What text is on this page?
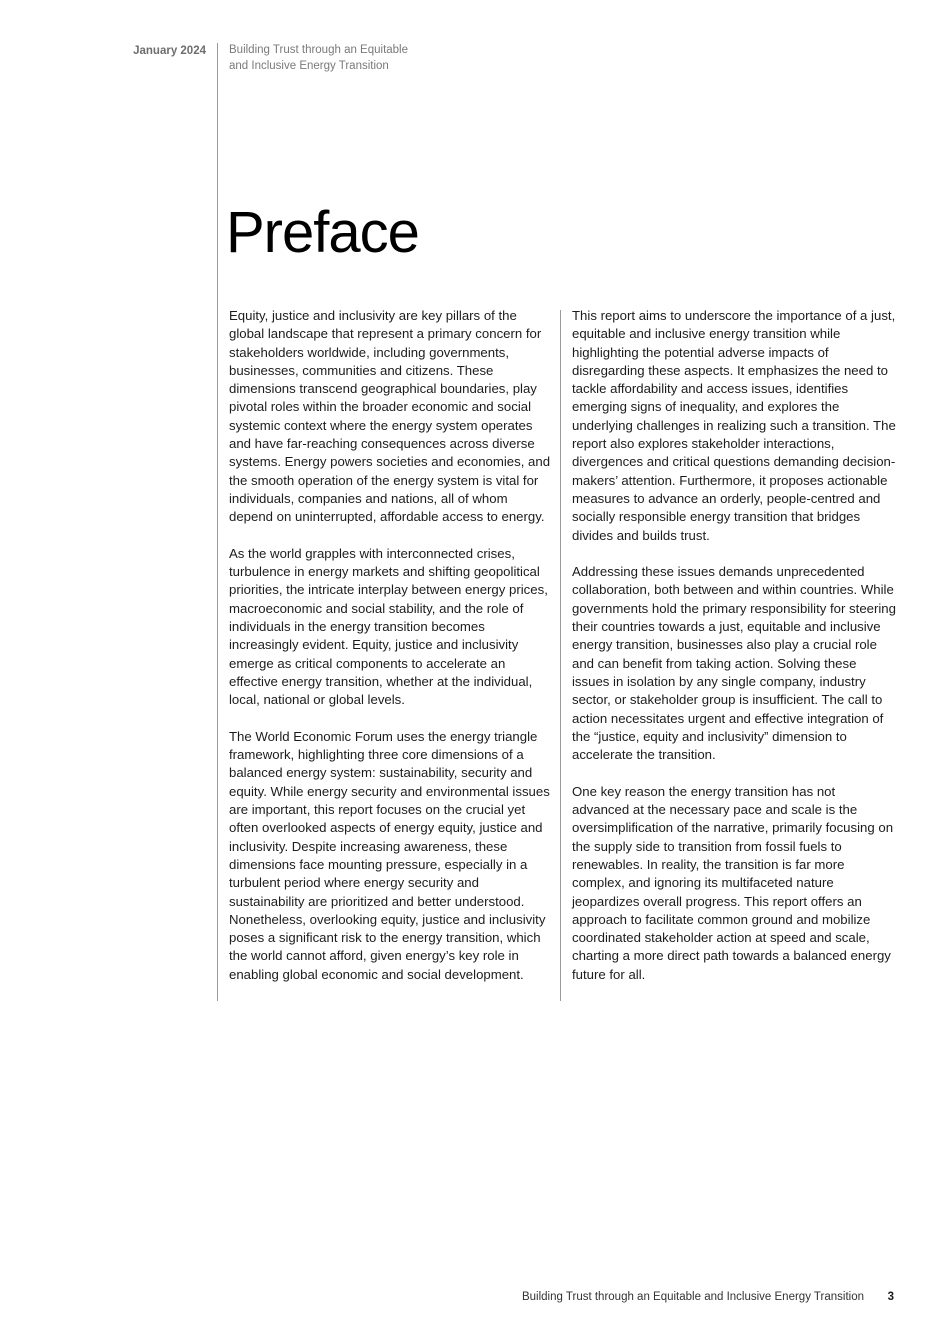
January 2024 Building Trust through an Equitable
and Inclusive Energy Transition
Preface

Equity, justice and inclusivity are key pillars of the global landscape that represent a primary concern for stakeholders worldwide, including governments, businesses, communities and citizens. These dimensions transcend geographical boundaries, play pivotal roles within the broader economic and social systemic context where the energy system operates and have far-reaching consequences across diverse systems. Energy powers societies and economies, and the smooth operation of the energy system is vital for individuals, companies and nations, all of whom depend on uninterrupted, affordable access to energy.

As the world grapples with interconnected crises, turbulence in energy markets and shifting geopolitical priorities, the intricate interplay between energy prices, macroeconomic and social stability, and the role of individuals in the energy transition becomes increasingly evident. Equity, justice and inclusivity emerge as critical components to accelerate an effective energy transition, whether at the individual, local, national or global levels.

The World Economic Forum uses the energy triangle framework, highlighting three core dimensions of a balanced energy system: sustainability, security and equity. While energy security and environmental issues are important, this report focuses on the crucial yet often overlooked aspects of energy equity, justice and inclusivity. Despite increasing awareness, these dimensions face mounting pressure, especially in a turbulent period where energy security and sustainability are prioritized and better understood. Nonetheless, overlooking equity, justice and inclusivity poses a significant risk to the energy transition, which the world cannot afford, given energy’s key role in enabling global economic and social development.

This report aims to underscore the importance of a just, equitable and inclusive energy transition while highlighting the potential adverse impacts of disregarding these aspects. It emphasizes the need to tackle affordability and access issues, identifies emerging signs of inequality, and explores the underlying challenges in realizing such a transition. The report also explores stakeholder interactions, divergences and critical questions demanding decision-makers’ attention. Furthermore, it proposes actionable measures to advance an orderly, people-centred and socially responsible energy transition that bridges divides and builds trust.

Addressing these issues demands unprecedented collaboration, both between and within countries. While governments hold the primary responsibility for steering their countries towards a just, equitable and inclusive energy transition, businesses also play a crucial role and can benefit from taking action. Solving these issues in isolation by any single company, industry sector, or stakeholder group is insufficient. The call to action necessitates urgent and effective integration of the “justice, equity and inclusivity” dimension to accelerate the transition.

One key reason the energy transition has not advanced at the necessary pace and scale is the oversimplification of the narrative, primarily focusing on the supply side to transition from fossil fuels to renewables. In reality, the transition is far more complex, and ignoring its multifaceted nature jeopardizes overall progress. This report offers an approach to facilitate common ground and mobilize coordinated stakeholder action at speed and scale, charting a more direct path towards a balanced energy future for all.

Building Trust through an Equitable and Inclusive Energy Transition	3
